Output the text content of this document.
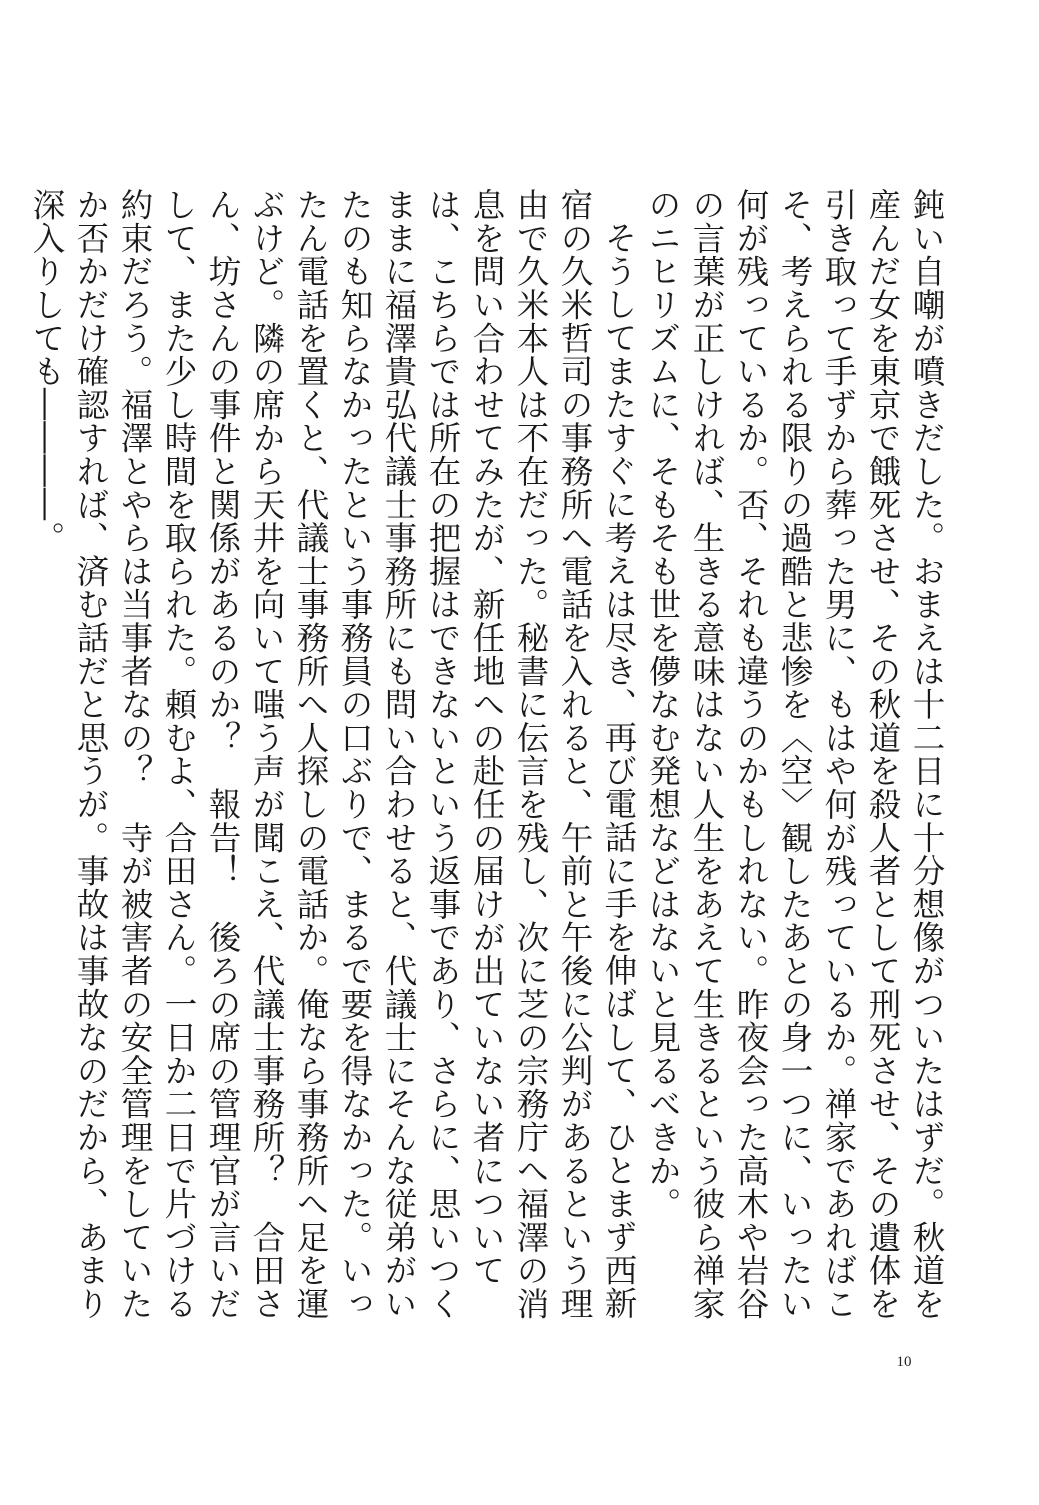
鈍い自嘲が噴きだした。おまえは十二日に十分想像がついたはずだ。秋道を産んだ女を東京で餓死させ、その秋道を殺人者として刑死させ、その遺体を引き取って手ずから葬った男に、もはや何が残っているか。禅家であればこそ、考えられる限りの過酷と悲惨を〈空〉観したあとの身一つに、いったい何が残っているか。否、それも違うのかもしれない。昨夜会った高木や岩谷の言葉が正しければ、生きる意味はない人生をあえて生きるという彼ら禅家のニヒリズムに、そもそも世を儚なむ発想などはないと見るべきか。

そうしてまたすぐに考えは尽き、再び電話に手を伸ばして、ひとまず西新宿の久米哲司の事務所へ電話を入れると、午前と午後に公判があるという理由で久米本人は不在だった。秘書に伝言を残し、次に芝の宗務庁へ福澤の消息を問い合わせてみたが、新任地への赴任の届けが出ていない者については、こちらでは所在の把握はできないという返事であり、さらに、思いつくままに福澤貴弘代議士事務所にも問い合わせると、代議士にそんな従弟がいたのも知らなかったという事務員の口ぶりで、まるで要を得なかった。いったん電話を置くと、代議士事務所へ人探しの電話か。俺なら事務所へ足を運ぶけど。隣の席から天井を向いて嗤う声が聞こえ、代議士事務所？　合田さん、坊さんの事件と関係があるのか？　報告！　後ろの席の管理官が言いだして、また少し時間を取られた。頼むよ、合田さん。一日か二日で片づける約束だろう。福澤とやらは当事者なの？　寺が被害者の安全管理をしていたか否かだけ確認すれば、済む話だと思うが。事故は事故なのだから、あまり深入りしても――――。

10
